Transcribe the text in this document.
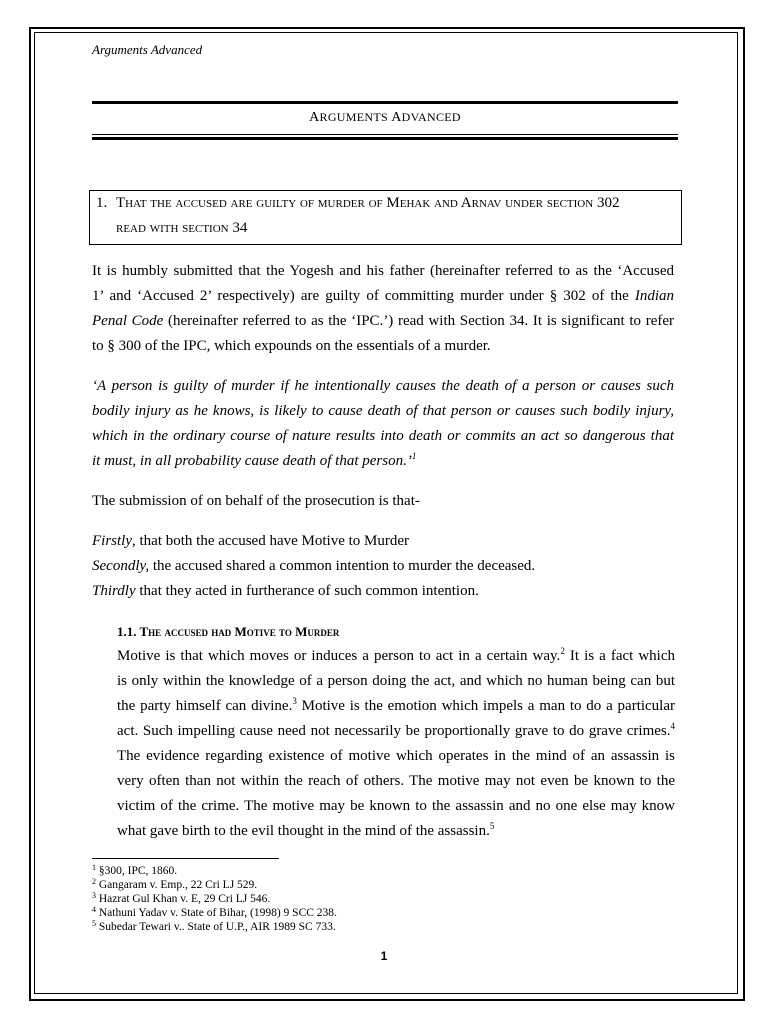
Arguments Advanced
ARGUMENTS ADVANCED
1. That the accused are guilty of murder of Mehak and Arnav under section 302
read with section 34
It is humbly submitted that the Yogesh and his father (hereinafter referred to as the ‘Accused
1’ and ‘Accused 2’ respectively) are guilty of committing murder under § 302 of the Indian
Penal Code (hereinafter referred to as the ‘IPC.’) read with Section 34. It is significant to refer
to § 300 of the IPC, which expounds on the essentials of a murder.
‘A person is guilty of murder if he intentionally causes the death of a person or causes such
bodily injury as he knows, is likely to cause death of that person or causes such bodily injury,
which in the ordinary course of nature results into death or commits an act so dangerous that
it must, in all probability cause death of that person.’$^1$
The submission of on behalf of the prosecution is that-
Firstly, that both the accused have Motive to Murder
Secondly, the accused shared a common intention to murder the deceased.
Thirdly that they acted in furtherance of such common intention.
1.1. The accused had Motive to Murder
Motive is that which moves or induces a person to act in a certain way.$^2$ It is a fact which
is only within the knowledge of a person doing the act, and which no human being can but
the party himself can divine.$^3$ Motive is the emotion which impels a man to do a particular
act. Such impelling cause need not necessarily be proportionally grave to do grave crimes.$^4$
The evidence regarding existence of motive which operates in the mind of an assassin is
very often than not within the reach of others. The motive may not even be known to the
victim of the crime. The motive may be known to the assassin and no one else may know
what gave birth to the evil thought in the mind of the assassin.$^5$
$^1$ §300, IPC, 1860.
$^2$ Gangaram v. Emp., 22 Cri LJ 529.
$^3$ Hazrat Gul Khan v. E, 29 Cri LJ 546.
$^4$ Nathuni Yadav v. State of Bihar, (1998) 9 SCC 238.
$^5$ Subedar Tewari v.. State of U.P., AIR 1989 SC 733.
1
